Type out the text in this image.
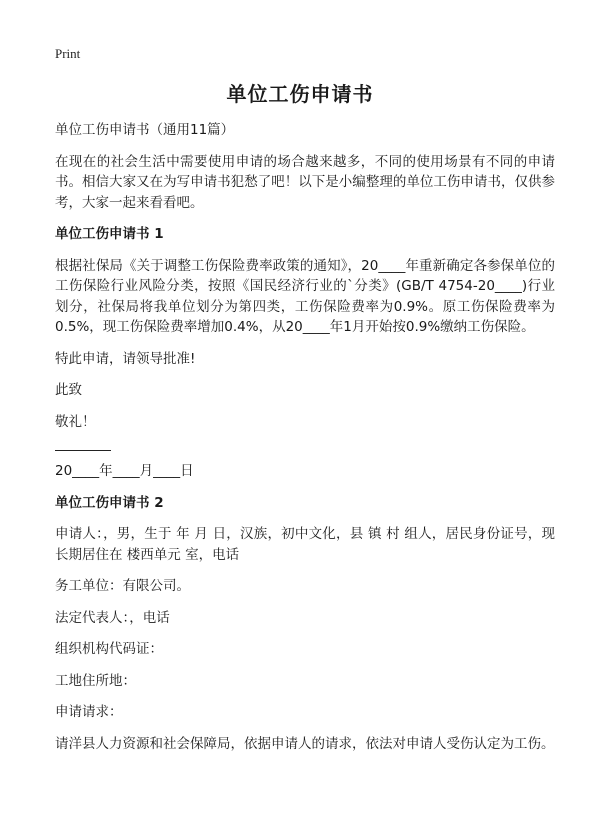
Print
单位工伤申请书

单位工伤申请书（通用11篇）

在现在的社会生活中需要使用申请的场合越来越多，不同的使用场景有不同的申请书。相信大家又在为写申请书犯愁了吧！以下是小编整理的单位工伤申请书，仅供参考，大家一起来看看吧。

单位工伤申请书 1

根据社保局《关于调整工伤保险费率政策的通知》，20____年重新确定各参保单位的工伤保险行业风险分类，按照《国民经济行业的`分类》(GB/T 4754-20____)行业划分，社保局将我单位划分为第四类，工伤保险费率为0.9%。原工伤保险费率为0.5%，现工伤保险费率增加0.4%，从20____年1月开始按0.9%缴纳工伤保险。

特此申请，请领导批准!

此致

敬礼！

20____年____月____日

单位工伤申请书 2

申请人：，男，生于 年 月 日，汉族，初中文化，县 镇 村 组人，居民身份证号，现长期居住在 楼西单元 室，电话

务工单位：有限公司。

法定代表人：，电话

组织机构代码证：

工地住所地：

申请请求：

请洋县人力资源和社会保障局，依据申请人的请求，依法对申请人受伤认定为工伤。
